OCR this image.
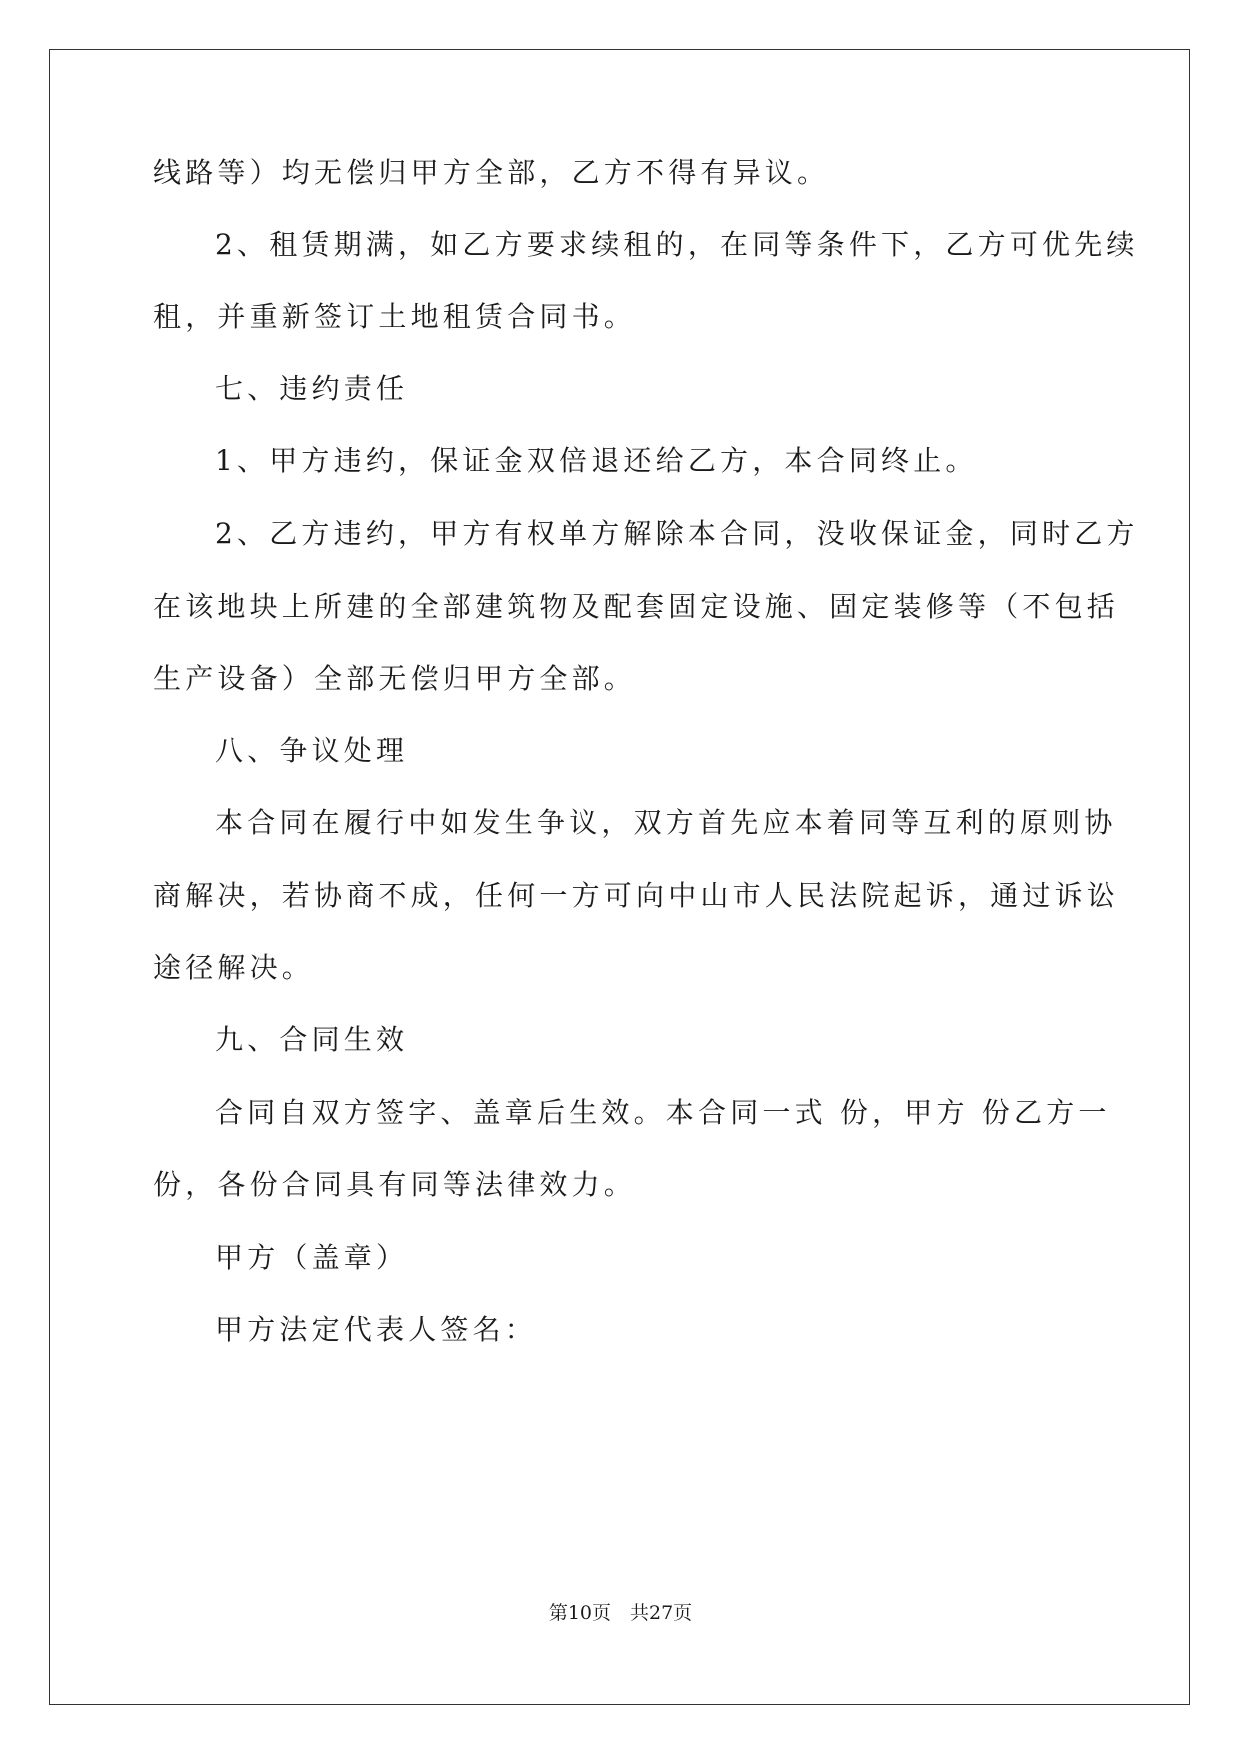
线路等）均无偿归甲方全部，乙方不得有异议。
2、租赁期满，如乙方要求续租的，在同等条件下，乙方可优先续
租，并重新签订土地租赁合同书。
七、违约责任
1、甲方违约，保证金双倍退还给乙方，本合同终止。
2、乙方违约，甲方有权单方解除本合同，没收保证金，同时乙方
在该地块上所建的全部建筑物及配套固定设施、固定装修等（不包括
生产设备）全部无偿归甲方全部。
八、争议处理
本合同在履行中如发生争议，双方首先应本着同等互利的原则协
商解决，若协商不成，任何一方可向中山市人民法院起诉，通过诉讼
途径解决。
九、合同生效
合同自双方签字、盖章后生效。本合同一式 份，甲方 份乙方一
份，各份合同具有同等法律效力。
甲方（盖章）
甲方法定代表人签名：
第10页　共27页
